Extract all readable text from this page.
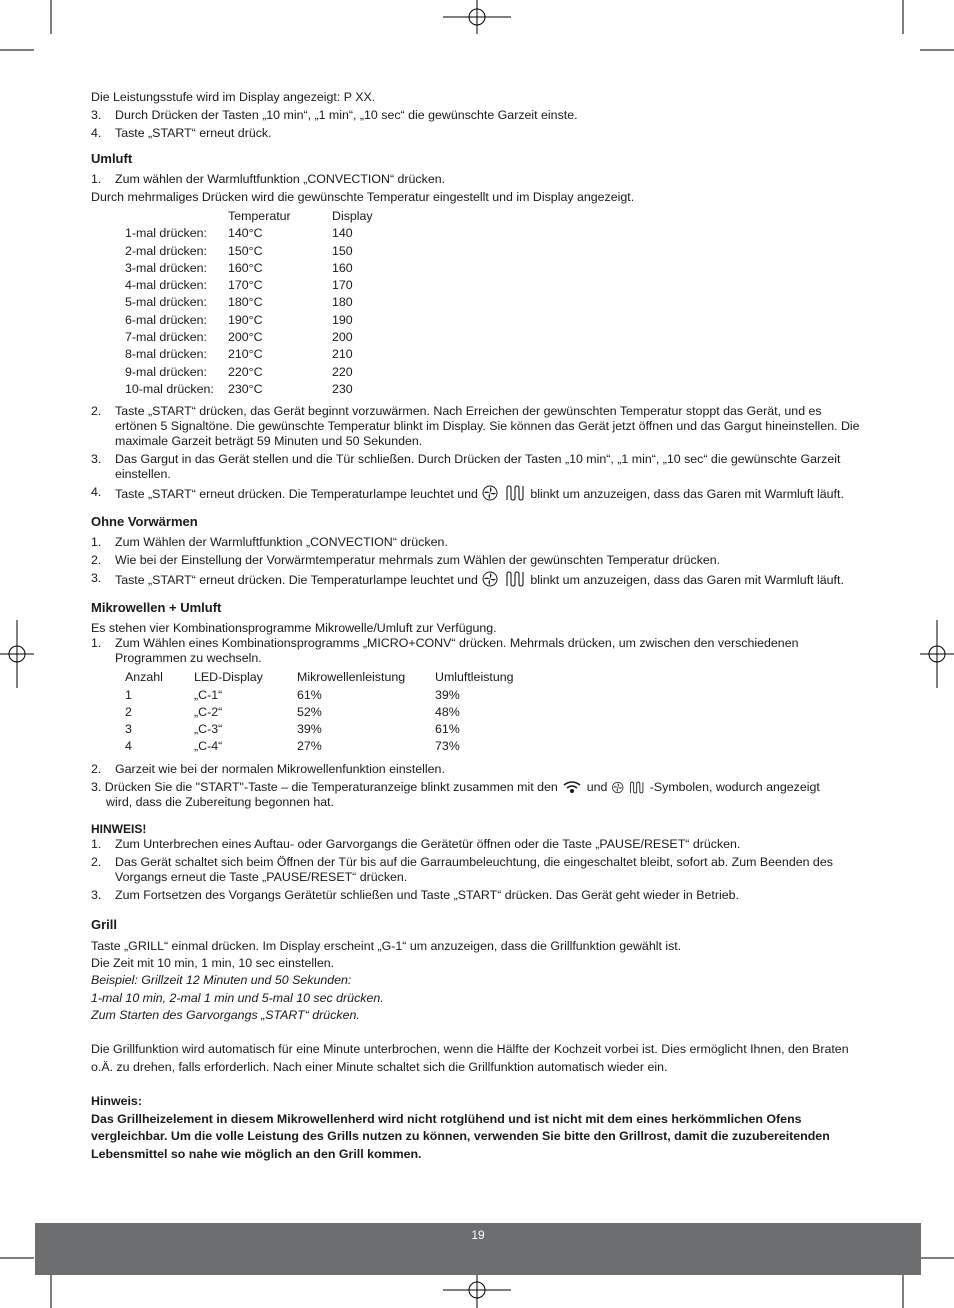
Die Leistungsstufe wird im Display angezeigt: P XX.

3.	Durch Drücken der Tasten „10 min“, „1 min“, „10 sec“ die gewünschte Garzeit einste.
4.	Taste „START“ erneut drück.
Umluft
1.	Zum wählen der Warmluftfunktion „CONVECTION“ drücken.

Durch mehrmaliges Drücken wird die gewünschte Temperatur eingestellt und im Display angezeigt.

	Temperatur	Display
1-mal drücken:	140°C	140
2-mal drücken:	150°C	150
3-mal drücken:	160°C	160
4-mal drücken:	170°C	170
5-mal drücken:	180°C	180
6-mal drücken:	190°C	190
7-mal drücken:	200°C	200
8-mal drücken:	210°C	210
9-mal drücken:	220°C	220
10-mal drücken:	230°C	230
2.	Taste „START“ drücken, das Gerät beginnt vorzuwärmen. Nach Erreichen der gewünschten Temperatur stoppt das Gerät, und es ertönen 5 Signaltöne. Die gewünschte Temperatur blinkt im Display. Sie können das Gerät jetzt öffnen und das Gargut hineinstellen. Die maximale Garzeit beträgt 59 Minuten und 50 Sekunden.
3.	Das Gargut in das Gerät stellen und die Tür schließen. Durch Drücken der Tasten „10 min“, „1 min“, „10 sec“ die gewünschte Garzeit einstellen.
4.	Taste „START“ erneut drücken. Die Temperaturlampe leuchtet und	blinkt um anzuzeigen, dass das Garen mit Warmluft läuft.
Ohne Vorwärmen
1.	Zum Wählen der Warmluftfunktion „CONVECTION“ drücken.
2.	Wie bei der Einstellung der Vorwärmtemperatur mehrmals zum Wählen der gewünschten Temperatur drücken.
3.	Taste „START“ erneut drücken. Die Temperaturlampe leuchtet und	blinkt um anzuzeigen, dass das Garen mit Warmluft läuft.
Mikrowellen + Umluft

Es stehen vier Kombinationsprogramme Mikrowelle/Umluft zur Verfügung.

1.	Zum Wählen eines Kombinationsprogramms „MICRO+CONV“ drücken. Mehrmals drücken, um zwischen den verschiedenen Programmen zu wechseln.
Anzahl	LED-Display	Mikrowellenleistung	Umluftleistung
1	„C-1“	61%	39%
2	„C-2“	52%	48%
3	„C-3“	39%	61%
4	„C-4“	27%	73%
2.	Garzeit wie bei der normalen Mikrowellenfunktion einstellen.

3. Drücken Sie die "START"-Taste – die Temperaturanzeige blinkt zusammen mit den und	-Symbolen, wodurch angezeigt

wird, dass die Zubereitung begonnen hat.

HINWEIS!

1.	Zum Unterbrechen eines Auftau- oder Garvorgangs die Gerätetür öffnen oder die Taste „PAUSE/RESET“ drücken.
2.	Das Gerät schaltet sich beim Öffnen der Tür bis auf die Garraumbeleuchtung, die eingeschaltet bleibt, sofort ab. Zum Beenden des Vorgangs erneut die Taste „PAUSE/RESET“ drücken.
3.	Zum Fortsetzen des Vorgangs Gerätetür schließen und Taste „START“ drücken. Das Gerät geht wieder in Betrieb.
Grill

Taste „GRILL“ einmal drücken. Im Display erscheint „G-1“ um anzuzeigen, dass die Grillfunktion gewählt ist.

Die Zeit mit 10 min, 1 min, 10 sec einstellen.

Beispiel: Grillzeit 12 Minuten und 50 Sekunden:

1-mal 10 min, 2-mal 1 min und 5-mal 10 sec drücken.

Zum Starten des Garvorgangs „START“ drücken.

Die Grillfunktion wird automatisch für eine Minute unterbrochen, wenn die Hälfte der Kochzeit vorbei ist. Dies ermöglicht Ihnen, den Braten o.Ä. zu drehen, falls erforderlich. Nach einer Minute schaltet sich die Grillfunktion automatisch wieder ein.

Hinweis:

Das Grillheizelement in diesem Mikrowellenherd wird nicht rotglühend und ist nicht mit dem eines herkömmlichen Ofens vergleichbar. Um die volle Leistung des Grills nutzen zu können, verwenden Sie bitte den Grillrost, damit die zuzubereitenden Lebensmittel so nahe wie möglich an den Grill kommen.

19
